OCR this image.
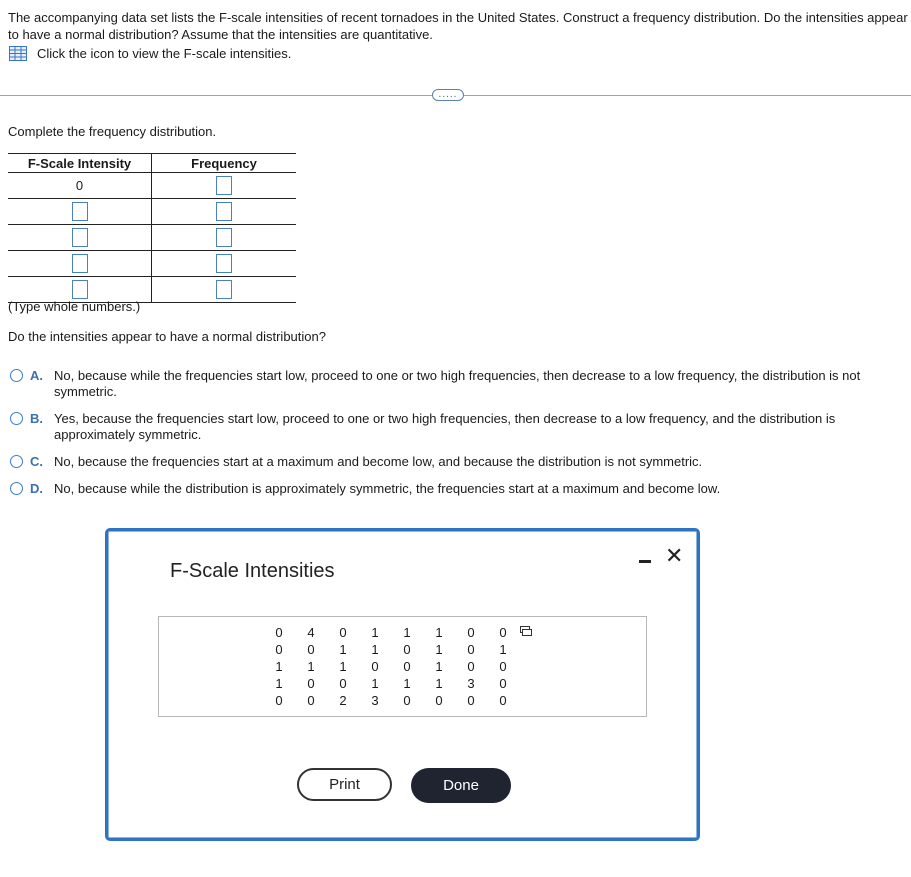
The accompanying data set lists the F-scale intensities of recent tornadoes in the United States. Construct a frequency distribution. Do the intensities appear to have a normal distribution? Assume that the intensities are quantitative.
Click the icon to view the F-scale intensities.
.....
Complete the frequency distribution.
F-Scale Intensity	Frequency
0	

(Type whole numbers.)
Do the intensities appear to have a normal distribution?
A. No, because while the frequencies start low, proceed to one or two high frequencies, then decrease to a low frequency, the distribution is not symmetric.
B. Yes, because the frequencies start low, proceed to one or two high frequencies, then decrease to a low frequency, and the distribution is approximately symmetric.
C. No, because the frequencies start at a maximum and become low, and because the distribution is not symmetric.
D. No, because while the distribution is approximately symmetric, the frequencies start at a maximum and become low.
F-Scale Intensities
✕
0	4	0	1	1	1	0	0
0	0	1	1	0	1	0	1
1	1	1	0	0	1	0	0
1	0	0	1	1	1	3	0
0	0	2	3	0	0	0	0
Print	Done
